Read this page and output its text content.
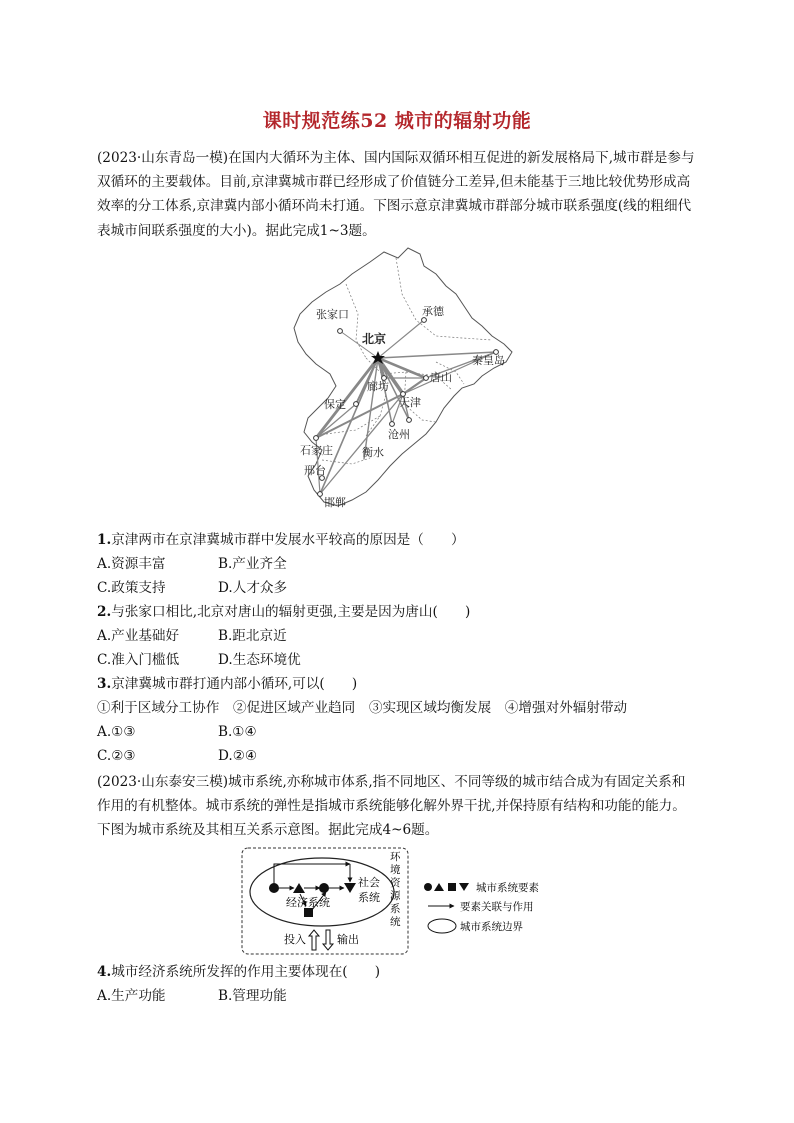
课时规范练52 城市的辐射功能
(2023·山东青岛一模)在国内大循环为主体、国内国际双循环相互促进的新发展格局下,城市群是参与双循环的主要载体。目前,京津冀城市群已经形成了价值链分工差异,但未能基于三地比较优势形成高效率的分工体系,京津冀内部小循环尚未打通。下图示意京津冀城市群部分城市联系强度(线的粗细代表城市间联系强度的大小)。据此完成1~3题。
张家口
北京
承德
秦皇岛
唐山
廊坊
天津
保定
沧州
石家庄	衡水
邢台
邯郸
1.京津两市在京津冀城市群中发展水平较高的原因是（　　）
A.资源丰富	B.产业齐全
C.政策支持	D.人才众多
2.与张家口相比,北京对唐山的辐射更强,主要是因为唐山(　　)
A.产业基础好	B.距北京近
C.准入门槛低	D.生态环境优
3.京津冀城市群打通内部小循环,可以(　　)
①利于区域分工协作　②促进区域产业趋同　③实现区域均衡发展　④增强对外辐射带动
A.①③	B.①④
C.②③	D.②④
(2023·山东泰安三模)城市系统,亦称城市体系,指不同地区、不同等级的城市结合成为有固定关系和作用的有机整体。城市系统的弹性是指城市系统能够化解外界干扰,并保持原有结构和功能的能力。下图为城市系统及其相互关系示意图。据此完成4~6题。
经济系统
社会
系统
环
境
资
源
系
统
投入	输出
城市系统要素
要素关联与作用
城市系统边界
4.城市经济系统所发挥的作用主要体现在(　　)
A.生产功能	B.管理功能
